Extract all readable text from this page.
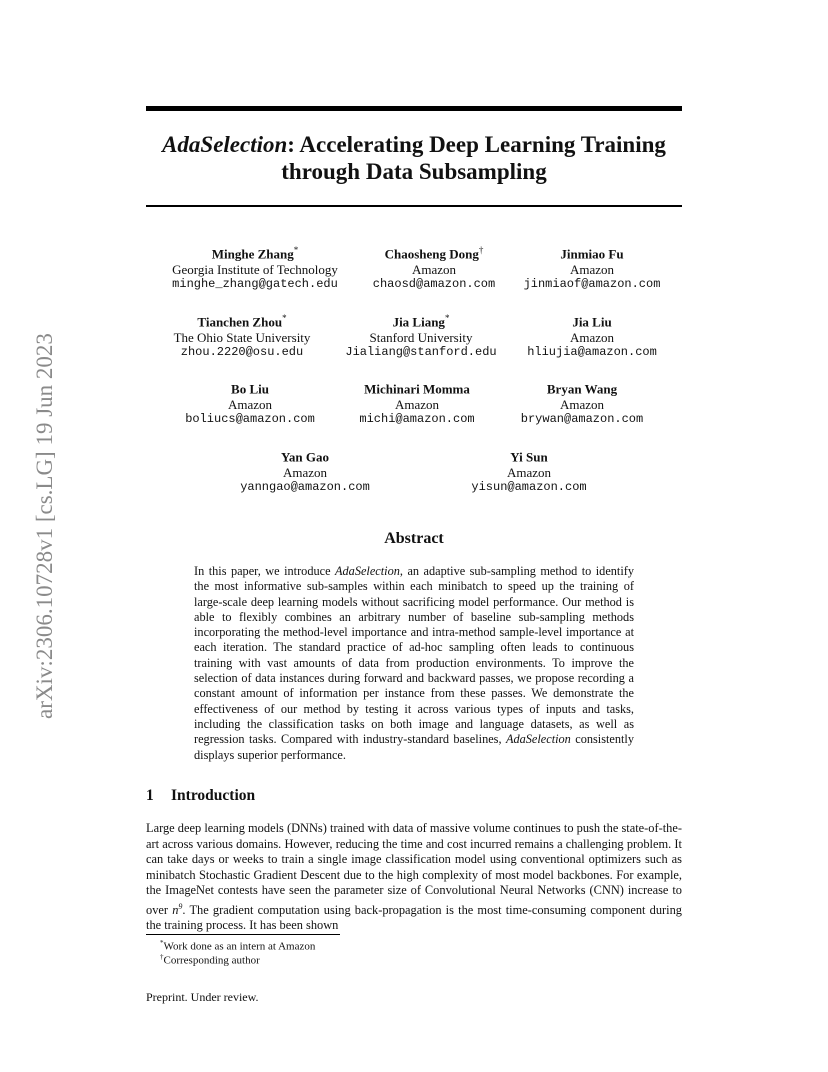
AdaSelection: Accelerating Deep Learning Training
through Data Subsampling
arXiv:2306.10728v1 [cs.LG] 19 Jun 2023
Minghe Zhang*
Georgia Institute of Technology
minghe_zhang@gatech.edu
Chaosheng Dong†
Amazon
chaosd@amazon.com
Jinmiao Fu
Amazon
jinmiaof@amazon.com
Tianchen Zhou*
The Ohio State University
zhou.2220@osu.edu
Jia Liang*
Stanford University
Jialiang@stanford.edu
Jia Liu
Amazon
hliujia@amazon.com
Bo Liu
Amazon
boliucs@amazon.com
Michinari Momma
Amazon
michi@amazon.com
Bryan Wang
Amazon
brywan@amazon.com
Yan Gao
Amazon
yanngao@amazon.com
Yi Sun
Amazon
yisun@amazon.com
Abstract
In this paper, we introduce AdaSelection, an adaptive sub-sampling method to identify the most informative sub-samples within each minibatch to speed up the training of large-scale deep learning models without sacrificing model performance. Our method is able to flexibly combines an arbitrary number of baseline sub-sampling methods incorporating the method-level importance and intra-method sample-level importance at each iteration. The standard practice of ad-hoc sampling often leads to continuous training with vast amounts of data from production environments. To improve the selection of data instances during forward and backward passes, we propose recording a constant amount of information per instance from these passes. We demonstrate the effectiveness of our method by testing it across various types of inputs and tasks, including the classification tasks on both image and language datasets, as well as regression tasks. Compared with industry-standard baselines, AdaSelection consistently displays superior performance.
1 Introduction
Large deep learning models (DNNs) trained with data of massive volume continues to push the state-of-the-art across various domains. However, reducing the time and cost incurred remains a challenging problem. It can take days or weeks to train a single image classification model using conventional optimizers such as minibatch Stochastic Gradient Descent due to the high complexity of most model backbones. For example, the ImageNet contests have seen the parameter size of Convolutional Neural Networks (CNN) increase to over $n^9$. The gradient computation using back-propagation is the most time-consuming component during the training process. It has been shown
*Work done as an intern at Amazon
†Corresponding author
Preprint. Under review.
